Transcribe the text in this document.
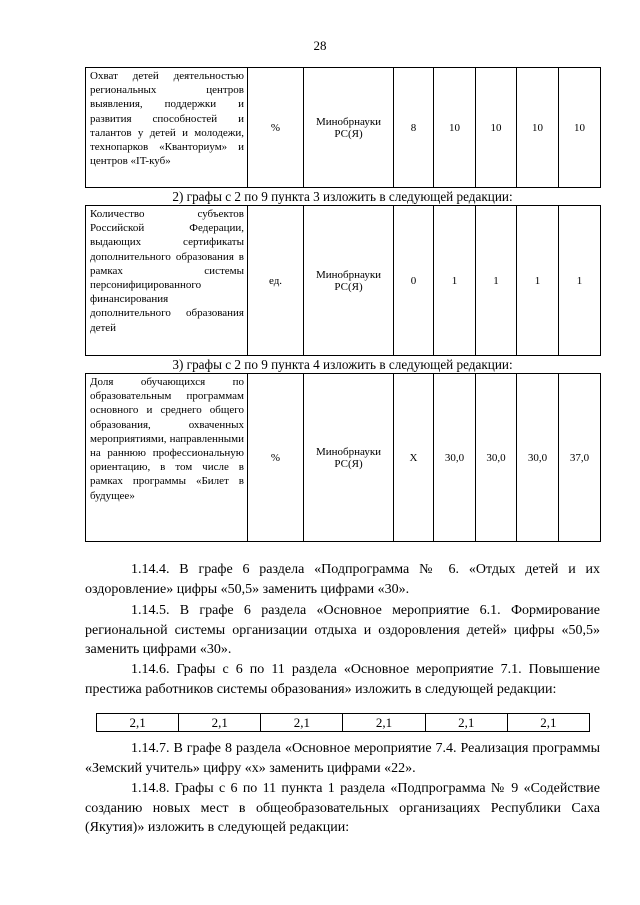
28
Охват детей деятельностью региональных центров выявления, поддержки и развития способностей и талантов у детей и молодежи, технопарков «Кванториум» и центров «IT-куб»	%	Минобрнауки РС(Я)	8	10	10	10	10
2) графы с 2 по 9 пункта 3 изложить в следующей редакции:
Количество субъектов Российской Федерации, выдающих сертификаты дополнительного образования в рамках системы персонифицированного финансирования дополнительного образования детей	ед.	Минобрнауки РС(Я)	0	1	1	1	1
3) графы с 2 по 9 пункта 4 изложить в следующей редакции:
Доля обучающихся по образовательным программам основного и среднего общего образования, охваченных мероприятиями, направленными на раннюю профессиональную ориентацию, в том числе в рамках программы «Билет в будущее»	%	Минобрнауки РС(Я)	Х	30,0	30,0	30,0	37,0

1.14.4. В графе 6 раздела «Подпрограмма № 6. «Отдых детей и их оздоровление» цифры «50,5» заменить цифрами «30».

1.14.5. В графе 6 раздела «Основное мероприятие 6.1. Формирование региональной системы организации отдыха и оздоровления детей» цифры «50,5» заменить цифрами «30».

1.14.6. Графы с 6 по 11 раздела «Основное мероприятие 7.1. Повышение престижа работников системы образования» изложить в следующей редакции:

2,1	2,1	2,1	2,1	2,1	2,1

1.14.7. В графе 8 раздела «Основное мероприятие 7.4. Реализация программы «Земский учитель» цифру «х» заменить цифрами «22».

1.14.8. Графы с 6 по 11 пункта 1 раздела «Подпрограмма № 9 «Содействие созданию новых мест в общеобразовательных организациях Республики Саха (Якутия)» изложить в следующей редакции:
